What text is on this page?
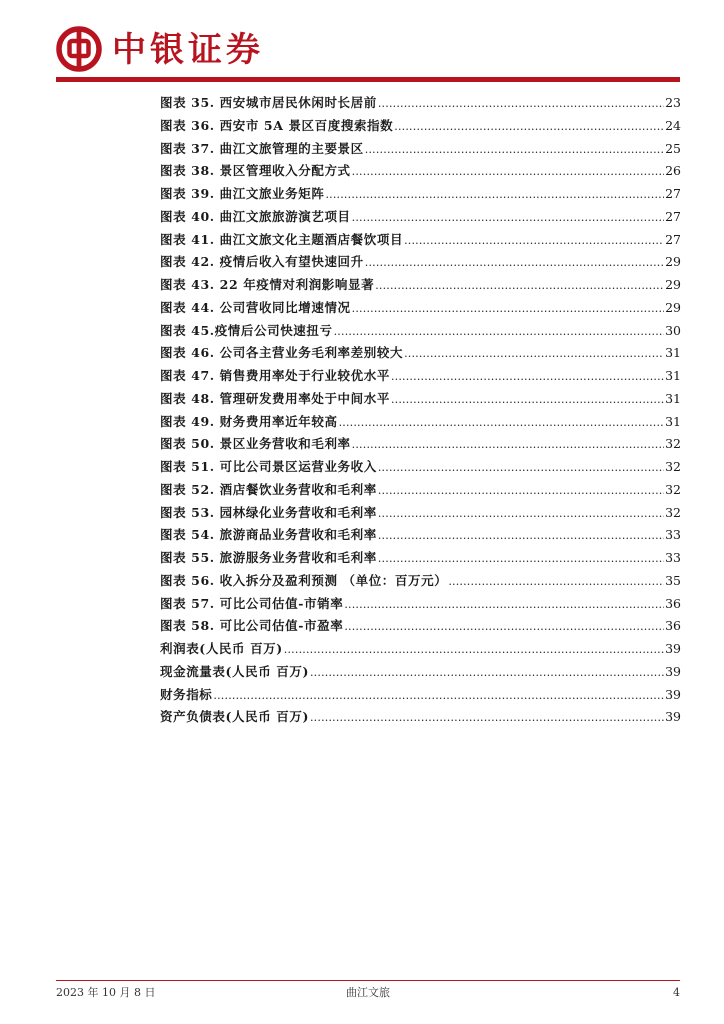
中银证券
图表 35. 西安城市居民休闲时长居前 .....	23
图表 36. 西安市 5A 景区百度搜索指数 .....	24
图表 37. 曲江文旅管理的主要景区 .....	25
图表 38. 景区管理收入分配方式 .....	26
图表 39. 曲江文旅业务矩阵 .....	27
图表 40. 曲江文旅旅游演艺项目 .....	27
图表 41. 曲江文旅文化主题酒店餐饮项目 .....	27
图表 42. 疫情后收入有望快速回升 .....	29
图表 43. 22 年疫情对利润影响显著 .....	29
图表 44. 公司营收同比增速情况 .....	29
图表 45.疫情后公司快速扭亏 .....	30
图表 46. 公司各主营业务毛利率差别较大 .....	31
图表 47. 销售费用率处于行业较优水平 .....	31
图表 48. 管理研发费用率处于中间水平 .....	31
图表 49. 财务费用率近年较高 .....	31
图表 50. 景区业务营收和毛利率 .....	32
图表 51. 可比公司景区运营业务收入 .....	32
图表 52. 酒店餐饮业务营收和毛利率 .....	32
图表 53. 园林绿化业务营收和毛利率 .....	32
图表 54. 旅游商品业务营收和毛利率 .....	33
图表 55. 旅游服务业务营收和毛利率 .....	33
图表 56. 收入拆分及盈利预测 （单位：百万元） .....	35
图表 57. 可比公司估值-市销率 .....	36
图表 58. 可比公司估值-市盈率 .....	36
利润表(人民币 百万) .....	39
现金流量表(人民币 百万) .....	39
财务指标 .....	39
资产负债表(人民币 百万) .....	39
2023 年 10 月 8 日	曲江文旅	4
